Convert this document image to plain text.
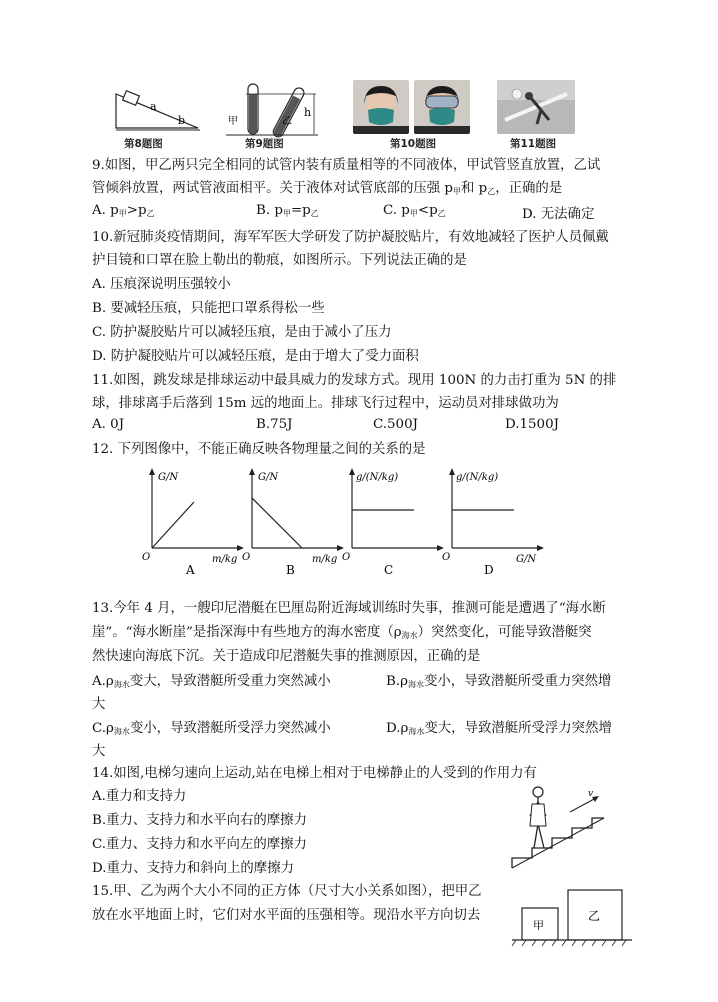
a
b
第8题图
甲	乙
h
第9题图	第10题图	第11题图
9.如图，甲乙两只完全相同的试管内装有质量相等的不同液体，甲试管竖直放置，乙试
管倾斜放置，两试管液面相平。关于液体对试管底部的压强 $p_甲$和 $p_乙$，正确的是
A. $p_甲>p_乙$	B. $p_甲=p_乙$	C. $p_甲<p_乙$	D. 无法确定
10.新冠肺炎疫情期间，海军军医大学研发了防护凝胶贴片，有效地减轻了医护人员佩戴
护目镜和口罩在脸上勒出的勒痕，如图所示。下列说法正确的是
A. 压痕深说明压强较小
B. 要减轻压痕，只能把口罩系得松一些
C. 防护凝胶贴片可以减轻压痕，是由于减小了压力
D. 防护凝胶贴片可以减轻压痕，是由于增大了受力面积
11.如图，跳发球是排球运动中最具威力的发球方式。现用 100N 的力击打重为 5N 的排
球，排球离手后落到 15m 远的地面上。排球飞行过程中，运动员对排球做功为
A. 0J	B.75J	C.500J	D.1500J
12. 下列图像中，不能正确反映各物理量之间的关系的是
G/N
m/kg
O
A
G/N
m/kg
O
B
g/(N/kg)
O
C
g/(N/kg)
G/N
O
D
13.今年 4 月，一艘印尼潜艇在巴厘岛附近海域训练时失事，推测可能是遭遇了“海水断
崖”。“海水断崖”是指深海中有些地方的海水密度$(\rho_{海水})$突然变化，可能导致潜艇突
然快速向海底下沉。关于造成印尼潜艇失事的推测原因，正确的是
$A.\rho_{海水}$变大，导致潜艇所受重力突然减小	$B.\rho_{海水}$变小，导致潜艇所受重力突然增
大
$C.\rho_{海水}$变小，导致潜艇所受浮力突然减小	$D.\rho_{海水}$变大，导致潜艇所受浮力突然增
大
14.如图,电梯匀速向上运动,站在电梯上相对于电梯静止的人受到的作用力有
A.重力和支持力
B.重力、支持力和水平向右的摩擦力
C.重力、支持力和水平向左的摩擦力
D.重力、支持力和斜向上的摩擦力
v
15.甲、乙为两个大小不同的正方体（尺寸大小关系如图），把甲乙
放在水平地面上时，它们对水平面的压强相等。现沿水平方向切去
甲
乙
